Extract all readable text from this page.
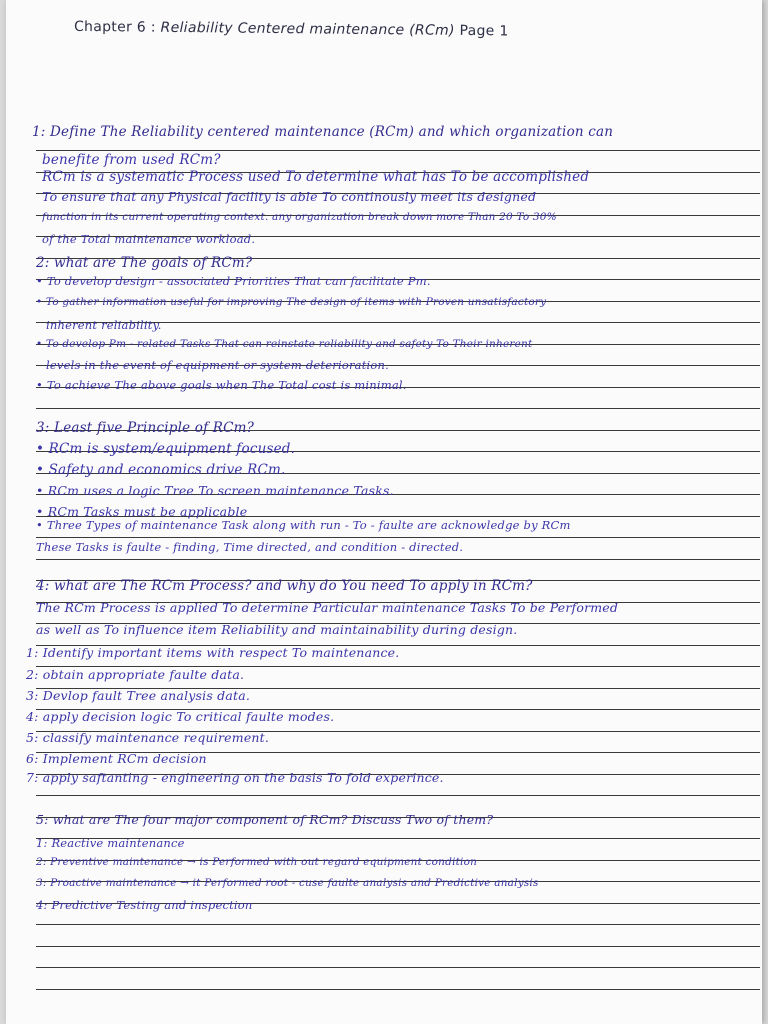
Chapter 6 : Reliability Centered maintenance (RCm) Page 1
1: Define The Reliability centered maintenance (RCm) and which organization can
benefite from used RCm?
RCm is a systematic Process used To determine what has To be accomplished
To ensure that any Physical facility is able To continously meet its designed
function in its current operating context. any organization break down more Than 20 To 30%
of the Total maintenance workload.
2: what are The goals of RCm?
• To develop design - associated Priorities That can facilitate Pm.
• To gather information useful for improving The design of items with Proven unsatisfactory
inherent reliability.
• To develop Pm - related Tasks That can reinstate reliability and safety To Their inherent
levels in the event of equipment or system deterioration.
• To achieve The above goals when The Total cost is minimal.
3: Least five Principle of RCm?
• RCm is system/equipment focused.
• Safety and economics drive RCm.
• RCm uses a logic Tree To screen maintenance Tasks.
• RCm Tasks must be applicable
• Three Types of maintenance Task along with run - To - faulte are acknowledge by RCm
These Tasks is faulte - finding, Time directed, and condition - directed.
4: what are The RCm Process? and why do You need To apply in RCm?
The RCm Process is applied To determine Particular maintenance Tasks To be Performed
as well as To influence item Reliability and maintainability during design.
1: Identify important items with respect To maintenance.
2: obtain appropriate faulte data.
3: Devlop fault Tree analysis data.
4: apply decision logic To critical faulte modes.
5: classify maintenance requirement.
6: Implement RCm decision
7: apply saftanting - engineering on the basis To fold experince.
5: what are The four major component of RCm? Discuss Two of them?
1: Reactive maintenance
2: Preventive maintenance → is Performed with out regard equipment condition
3: Proactive maintenance → it Performed root - cuse faulte analysis and Predictive analysis
4: Predictive Testing and inspection
